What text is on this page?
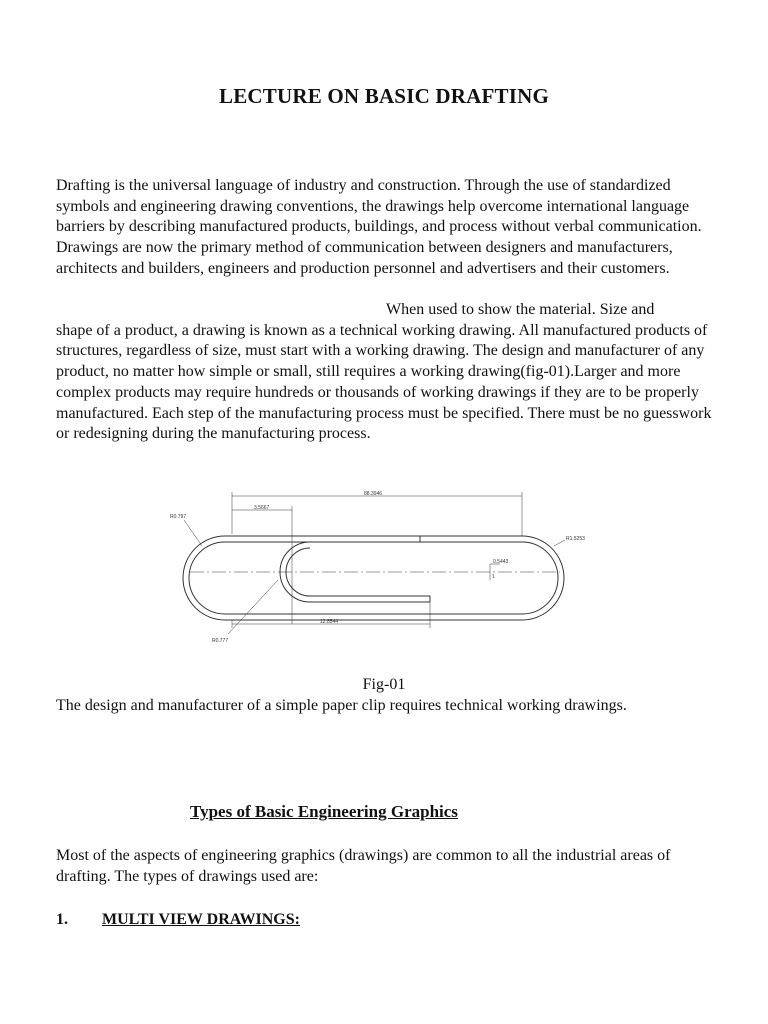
LECTURE ON BASIC DRAFTING
Drafting is the universal language of industry and construction. Through the use of standardized symbols and engineering drawing conventions, the drawings help overcome international language barriers by describing manufactured products, buildings, and process without verbal communication. Drawings are now the primary method of communication between designers and manufacturers, architects and builders, engineers and production personnel and advertisers and their customers.
When used to show the material. Size and
shape of a product, a drawing is known as a technical working drawing. All manufactured products of structures, regardless of size, must start with a working drawing. The design and manufacturer of any product, no matter how simple or small, still requires a working drawing(fig-01).Larger and more complex products may require hundreds or thousands of working drawings if they are to be properly manufactured. Each step of the manufacturing process must be specified. There must be no guesswork or redesigning during the manufacturing process.
88.3946
3.5667
12.8544
R0.797
R1.5253
R0.777
0.5443
1
Fig-01
The design and manufacturer of a simple paper clip requires technical working drawings.
Types of Basic Engineering Graphics
Most of the aspects of engineering graphics (drawings) are common to all the industrial areas of drafting. The types of drawings used are:
1. MULTI VIEW DRAWINGS:
